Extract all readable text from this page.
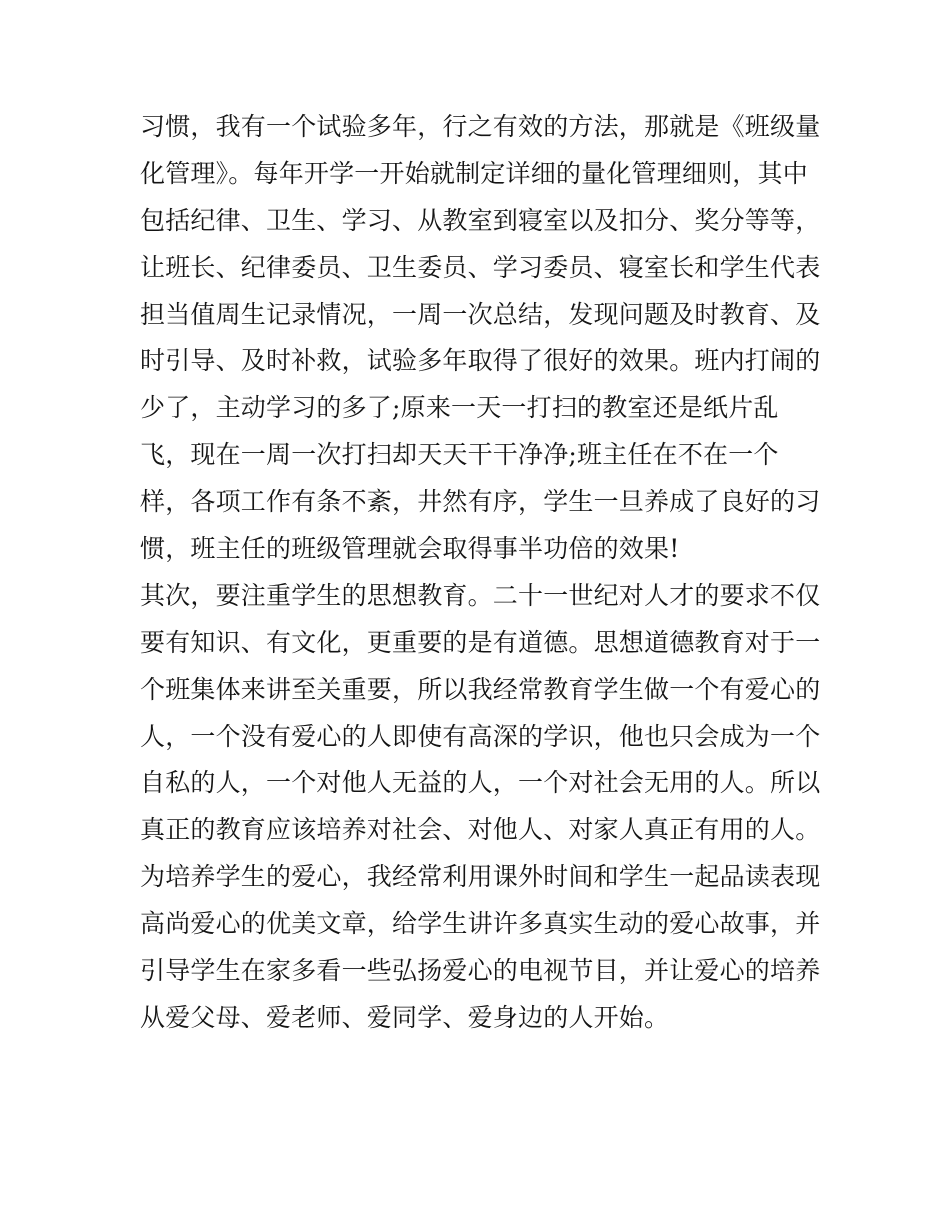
习惯，我有一个试验多年，行之有效的方法，那就是《班级量
化管理》。每年开学一开始就制定详细的量化管理细则，其中
包括纪律、卫生、学习、从教室到寝室以及扣分、奖分等等，
让班长、纪律委员、卫生委员、学习委员、寝室长和学生代表
担当值周生记录情况，一周一次总结，发现问题及时教育、及
时引导、及时补救，试验多年取得了很好的效果。班内打闹的
少了，主动学习的多了;原来一天一打扫的教室还是纸片乱
飞，现在一周一次打扫却天天干干净净;班主任在不在一个
样，各项工作有条不紊，井然有序，学生一旦养成了良好的习
惯，班主任的班级管理就会取得事半功倍的效果!
其次，要注重学生的思想教育。二十一世纪对人才的要求不仅
要有知识、有文化，更重要的是有道德。思想道德教育对于一
个班集体来讲至关重要，所以我经常教育学生做一个有爱心的
人，一个没有爱心的人即使有高深的学识，他也只会成为一个
自私的人，一个对他人无益的人，一个对社会无用的人。所以
真正的教育应该培养对社会、对他人、对家人真正有用的人。
为培养学生的爱心，我经常利用课外时间和学生一起品读表现
高尚爱心的优美文章，给学生讲许多真实生动的爱心故事，并
引导学生在家多看一些弘扬爱心的电视节目，并让爱心的培养
从爱父母、爱老师、爱同学、爱身边的人开始。
